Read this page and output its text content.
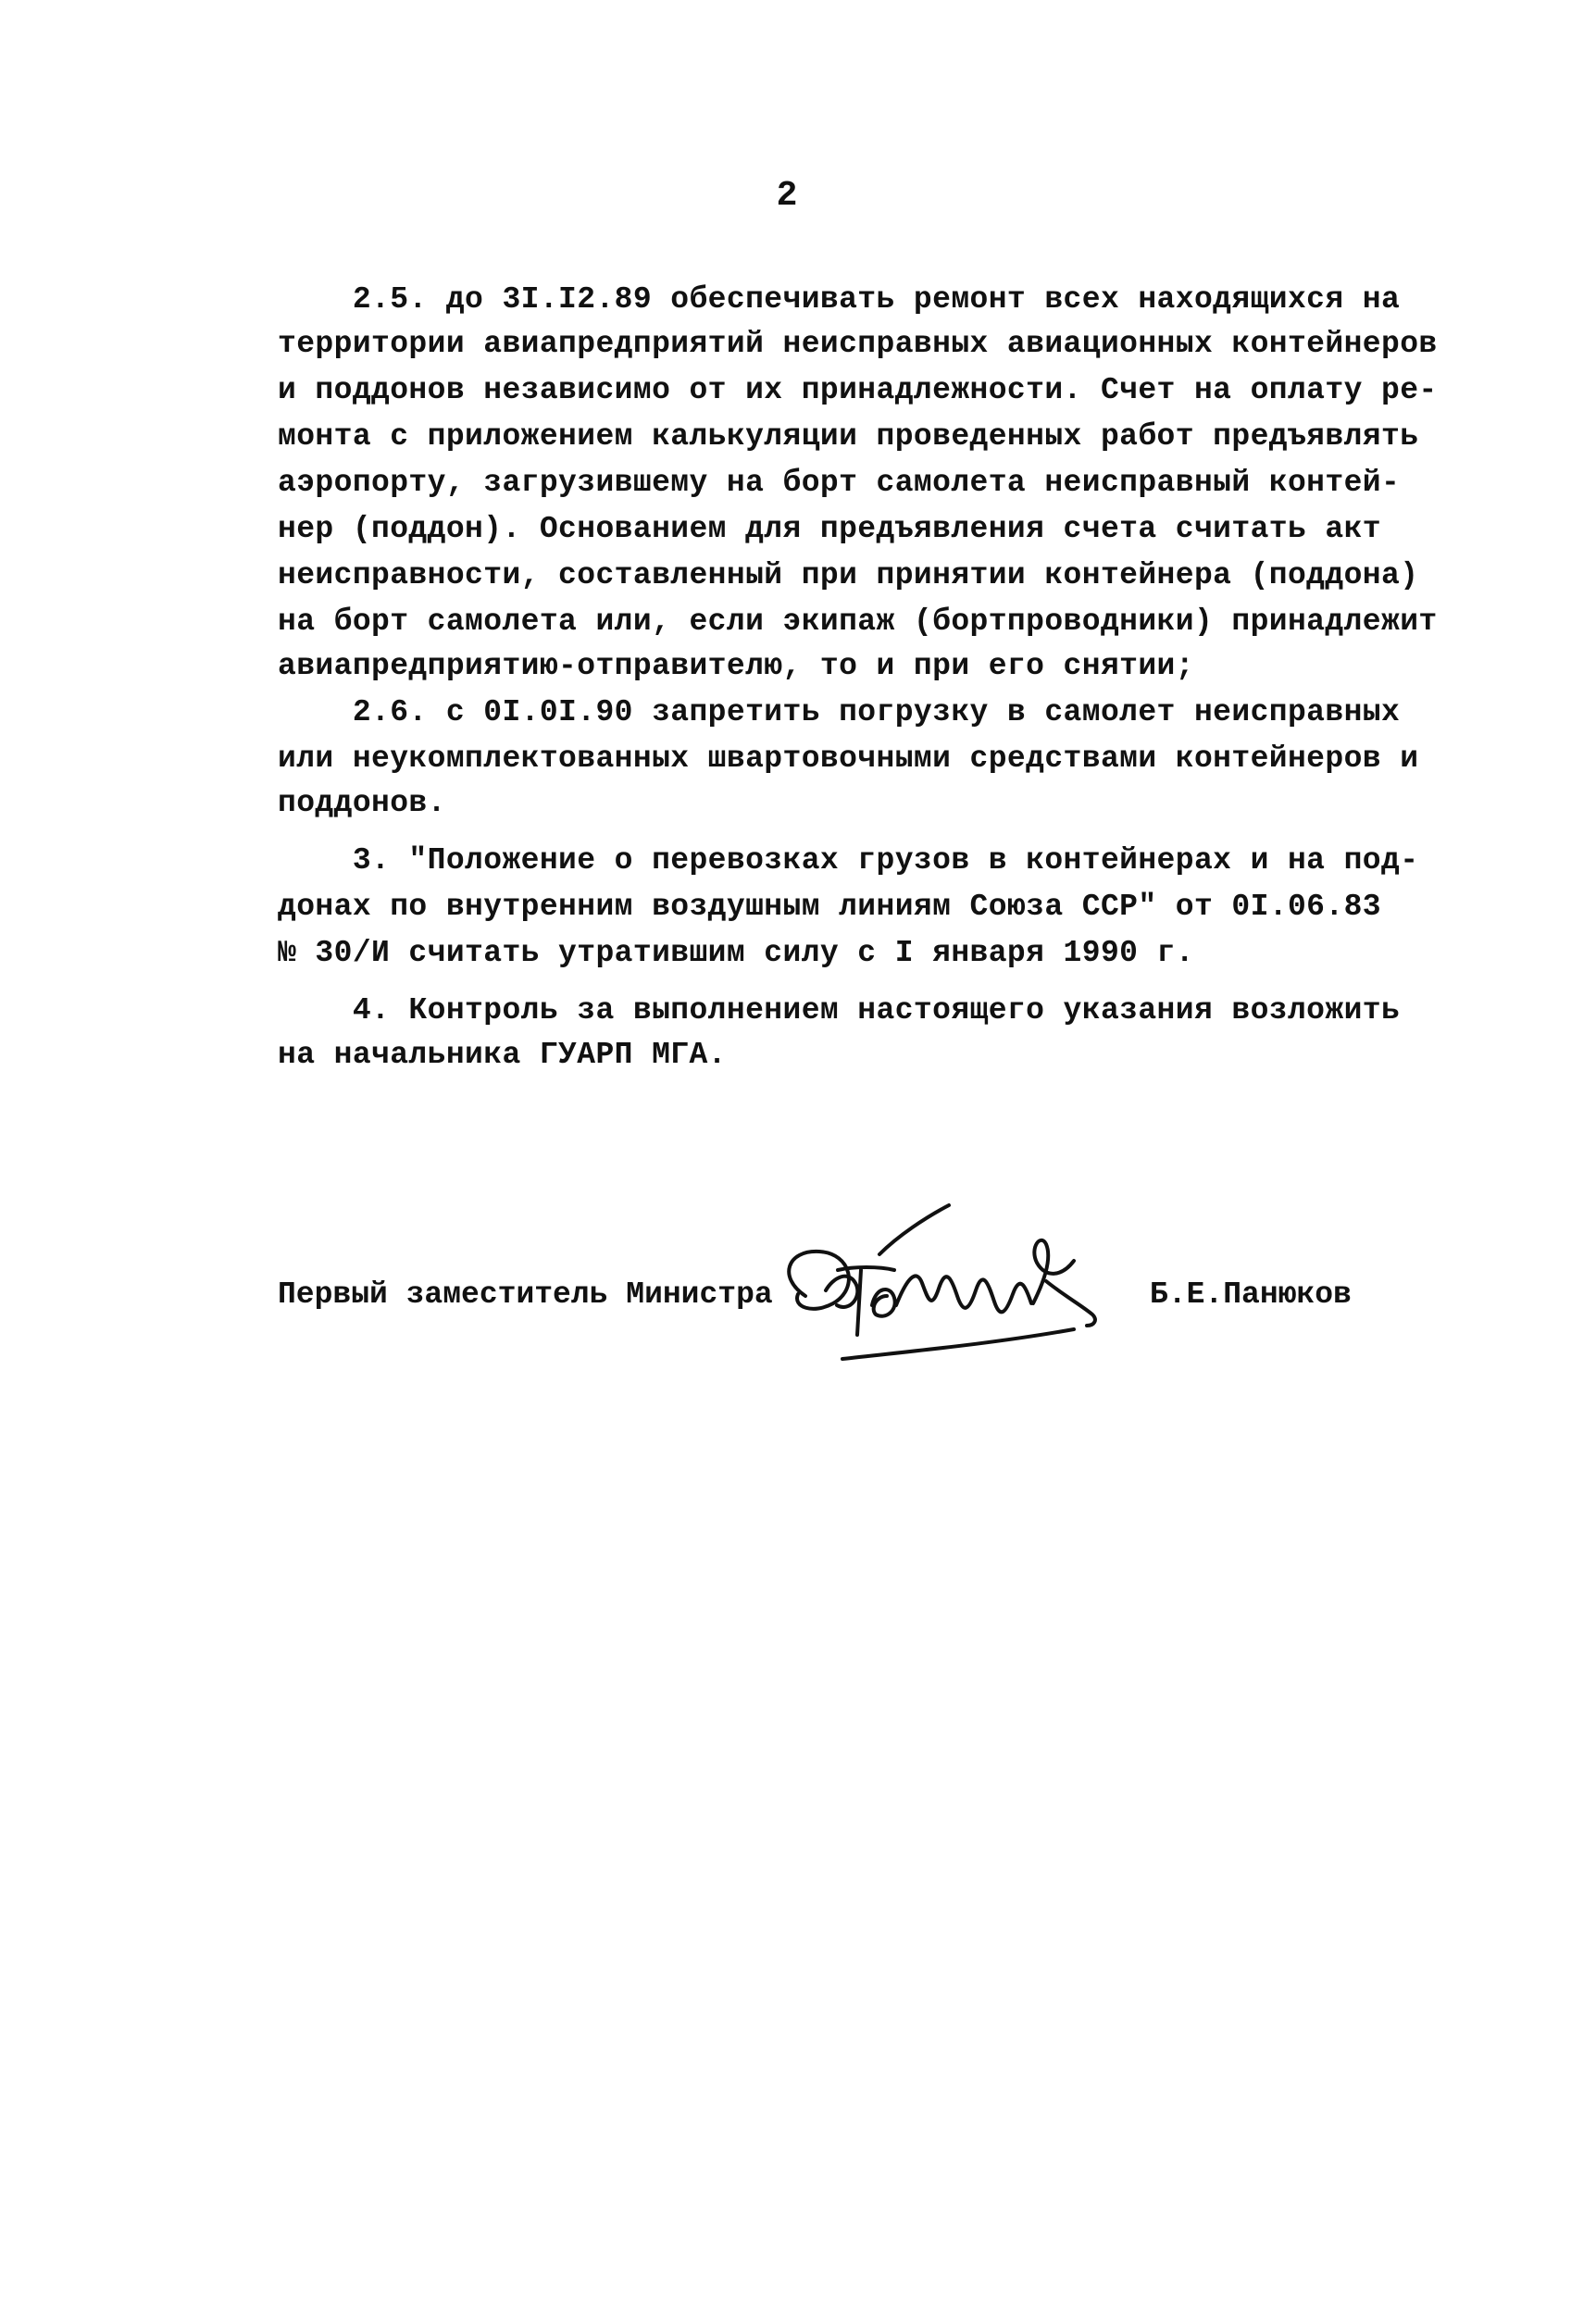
2
2.5. до 3I.I2.89 обеспечивать ремонт всех находящихся на
территории авиапредприятий неисправных авиационных контейнеров
и поддонов независимо от их принадлежности. Счет на оплату ре-
монта с приложением калькуляции проведенных работ предъявлять
аэропорту, загрузившему на борт самолета неисправный контей-
нер (поддон). Основанием для предъявления счета считать акт
неисправности, составленный при принятии контейнера (поддона)
на борт самолета или, если экипаж (бортпроводники) принадлежит
авиапредприятию-отправителю, то и при его снятии;
2.6. с 0I.0I.90 запретить погрузку в самолет неисправных
или неукомплектованных швартовочными средствами контейнеров и
поддонов.
3. "Положение о перевозках грузов в контейнерах и на под-
донах по внутренним воздушным линиям Союза ССР" от 0I.06.83
№ 30/И считать утратившим силу с I января 1990 г.
4. Контроль за выполнением настоящего указания возложить
на начальника ГУАРП МГА.
Первый заместитель Министра	Б.Е.Панюков
